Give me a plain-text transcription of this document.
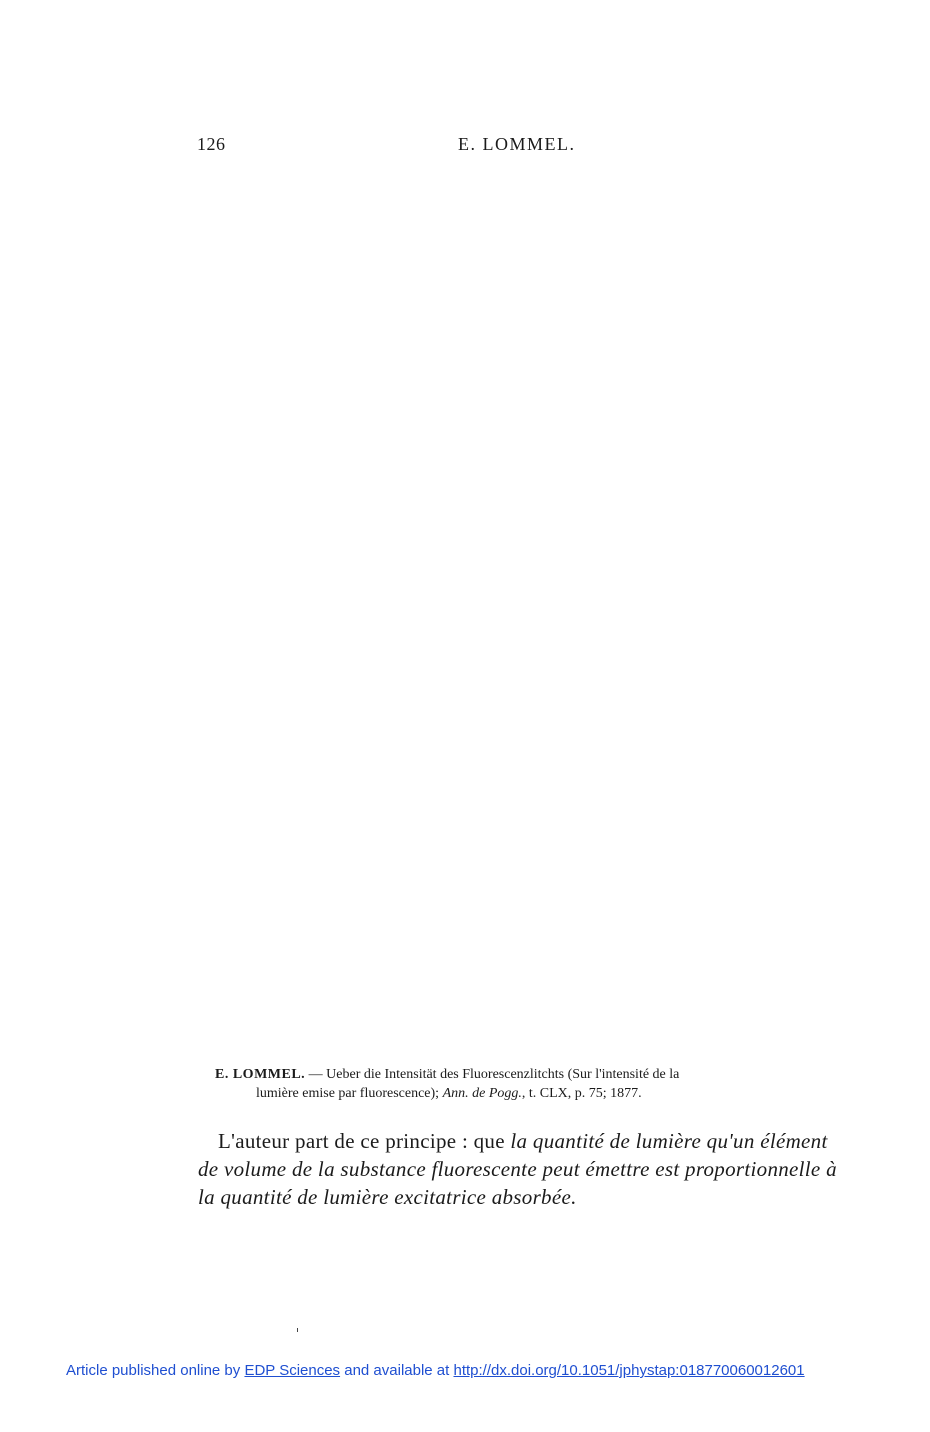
126	E. LOMMEL.
E. LOMMEL. — Ueber die Intensität des Fluorescenzlitchts (Sur l'intensité de la
lumière emise par fluorescence); Ann. de Pogg., t. CLX, p. 75; 1877.
L'auteur part de ce principe : que la quantité de lumière qu'un élément de volume de la substance fluorescente peut émettre est proportionnelle à la quantité de lumière excitatrice absorbée.
Article published online by EDP Sciences and available at http://dx.doi.org/10.1051/jphystap:018770060012601
